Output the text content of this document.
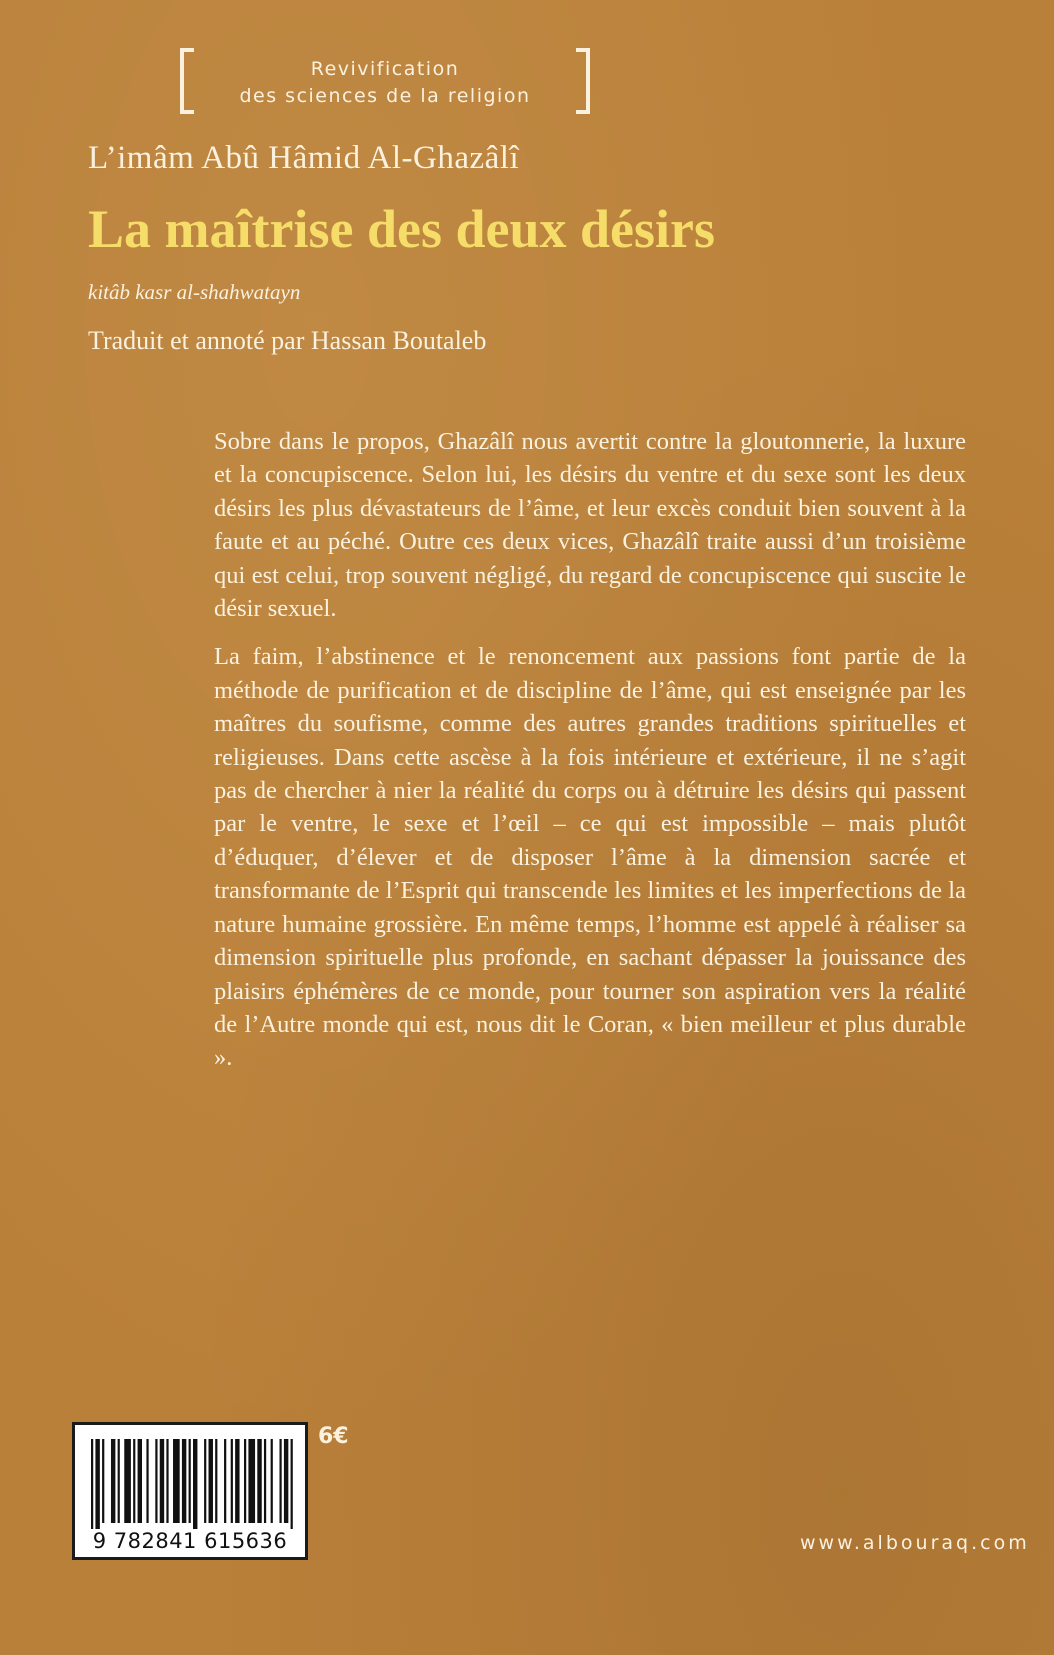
Revivification
des sciences de la religion
L’imâm Abû Hâmid Al-Ghazâlî
La maîtrise des deux désirs
kitâb kasr al-shahwatayn
Traduit et annoté par Hassan Boutaleb

Sobre dans le propos, Ghazâlî nous avertit contre la gloutonnerie, la luxure et la concupiscence. Selon lui, les désirs du ventre et du sexe sont les deux désirs les plus dévastateurs de l’âme, et leur excès conduit bien souvent à la faute et au péché. Outre ces deux vices, Ghazâlî traite aussi d’un troisième qui est celui, trop souvent négligé, du regard de concupiscence qui suscite le désir sexuel.

La faim, l’abstinence et le renoncement aux passions font partie de la méthode de purification et de discipline de l’âme, qui est enseignée par les maîtres du soufisme, comme des autres grandes traditions spirituelles et religieuses. Dans cette ascèse à la fois intérieure et extérieure, il ne s’agit pas de chercher à nier la réalité du corps ou à détruire les désirs qui passent par le ventre, le sexe et l’œil – ce qui est impossible – mais plutôt d’éduquer, d’élever et de disposer l’âme à la dimension sacrée et transformante de l’Esprit qui transcende les limites et les imperfections de la nature humaine grossière. En même temps, l’homme est appelé à réaliser sa dimension spirituelle plus profonde, en sachant dépasser la jouissance des plaisirs éphémères de ce monde, pour tourner son aspiration vers la réalité de l’Autre monde qui est, nous dit le Coran, « bien meilleur et plus durable ».

9 782841 615636
6€
www.albouraq.com
